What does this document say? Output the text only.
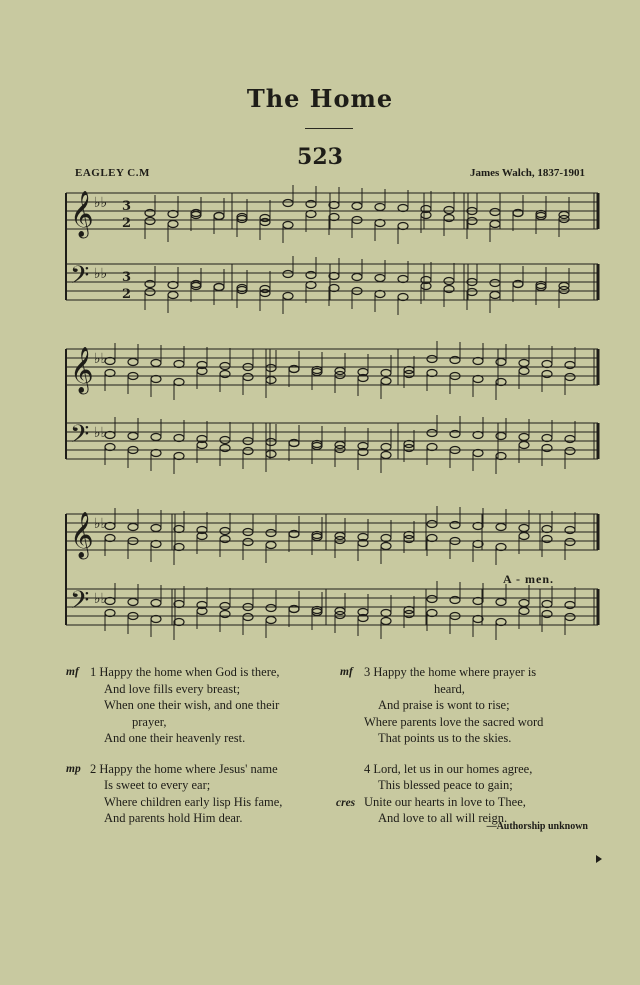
The Home
523
EAGLEY C.M	James Walch, 1837-1901
𝄞 ♭♭ 3
2
𝄢 ♭♭ 3
2
𝄞 ♭♭
𝄢 ♭♭
𝄞 ♭♭
𝄢 ♭♭
A - men.
mf 1 Happy the home when God is there,
And love fills every breast;
When one their wish, and one their
prayer,
And one their heavenly rest.
mp 2 Happy the home where Jesus' name
Is sweet to every ear;
Where children early lisp His fame,
And parents hold Him dear.
mf 3 Happy the home where prayer is
heard,
And praise is wont to rise;
Where parents love the sacred word
That points us to the skies.
cres
4 Lord, let us in our homes agree,
This blessed peace to gain;
Unite our hearts in love to Thee,
And love to all will reign.
—Authorship unknown
